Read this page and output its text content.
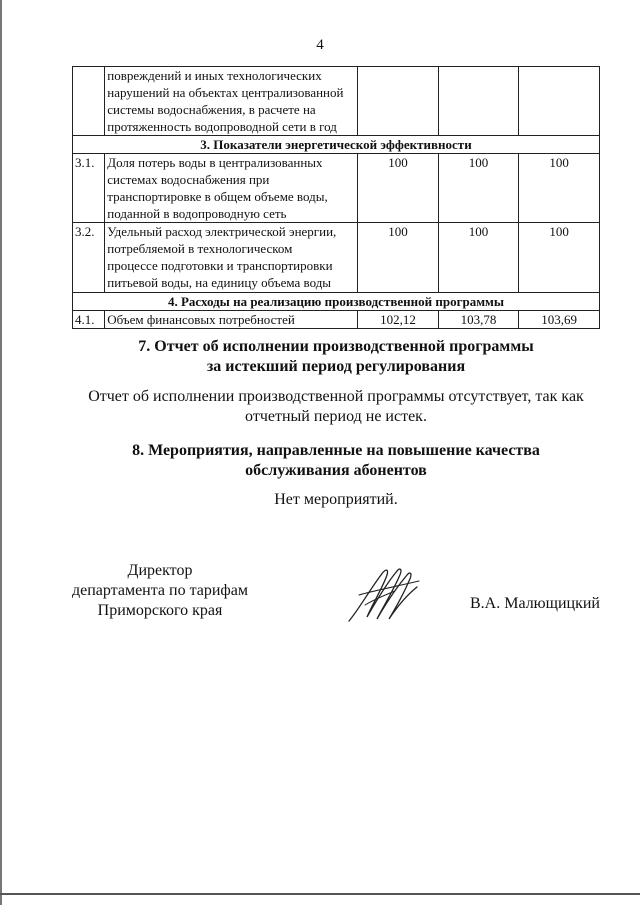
4

	повреждений и иных технологических
нарушений на объектах централизованной
системы водоснабжения, в расчете на
протяженность водопроводной сети в год			

3. Показатели энергетической эффективности				
3.1.	Доля потерь воды в централизованных
системах водоснабжения при
транспортировке в общем объеме воды,
поданной в водопроводную сеть	100	100	100
3.2.	Удельный расход электрической энергии,
потребляемой в технологическом
процессе подготовки и транспортировки
питьевой воды, на единицу объема воды	100	100	100
4. Расходы на реализацию производственной программы				
4.1.	Объем финансовых потребностей	102,12	103,78	103,69
7. Отчет об исполнении производственной программы
за истекший период регулирования
Отчет об исполнении производственной программы отсутствует, так как
отчетный период не истек.
8. Мероприятия, направленные на повышение качества
обслуживания абонентов
Нет мероприятий.
Директор
департамента по тарифам
Приморского края	В.А. Малющицкий
